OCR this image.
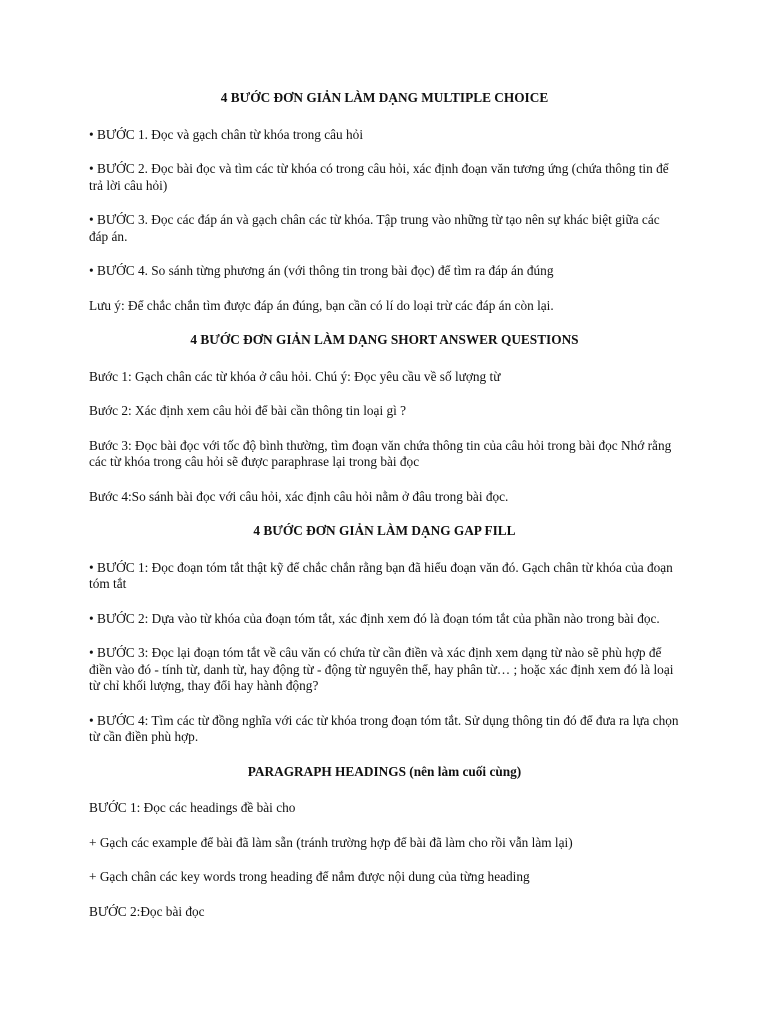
4 BƯỚC ĐƠN GIẢN LÀM DẠNG MULTIPLE CHOICE

• BƯỚC 1. Đọc và gạch chân từ khóa trong câu hỏi

• BƯỚC 2. Đọc bài đọc và tìm các từ khóa có trong câu hỏi, xác định đoạn văn tương ứng (chứa thông tin để trả lời câu hỏi)

• BƯỚC 3. Đọc các đáp án và gạch chân các từ khóa. Tập trung vào những từ tạo nên sự khác biệt giữa các đáp án.

• BƯỚC 4. So sánh từng phương án (với thông tin trong bài đọc) để tìm ra đáp án đúng

Lưu ý: Để chắc chắn tìm được đáp án đúng, bạn cần có lí do loại trừ các đáp án còn lại.

4 BƯỚC ĐƠN GIẢN LÀM DẠNG SHORT ANSWER QUESTIONS

Bước 1: Gạch chân các từ khóa ở câu hỏi. Chú ý: Đọc yêu cầu về số lượng từ

Bước 2: Xác định xem câu hỏi để bài cần thông tin loại gì ?

Bước 3: Đọc bài đọc với tốc độ bình thường, tìm đoạn văn chứa thông tin của câu hỏi trong bài đọc Nhớ rằng các từ khóa trong câu hỏi sẽ được paraphrase lại trong bài đọc

Bước 4:So sánh bài đọc với câu hỏi, xác định câu hỏi nằm ở đâu trong bài đọc.

4 BƯỚC ĐƠN GIẢN LÀM DẠNG GAP FILL

• BƯỚC 1: Đọc đoạn tóm tắt thật kỹ để chắc chắn rằng bạn đã hiểu đoạn văn đó. Gạch chân từ khóa của đoạn tóm tắt

• BƯỚC 2: Dựa vào từ khóa của đoạn tóm tắt, xác định xem đó là đoạn tóm tắt của phần nào trong bài đọc.

• BƯỚC 3: Đọc lại đoạn tóm tắt về câu văn có chứa từ cần điền và xác định xem dạng từ nào sẽ phù hợp để điền vào đó - tính từ, danh từ, hay động từ - động từ nguyên thể, hay phân từ… ; hoặc xác định xem đó là loại từ chỉ khối lượng, thay đổi hay hành động?

• BƯỚC 4: Tìm các từ đồng nghĩa với các từ khóa trong đoạn tóm tắt. Sử dụng thông tin đó để đưa ra lựa chọn từ cần điền phù hợp.

PARAGRAPH HEADINGS (nên làm cuối cùng)

BƯỚC 1: Đọc các headings đề bài cho

+ Gạch các example để bài đã làm sẵn (tránh trường hợp để bài đã làm cho rồi vẫn làm lại)

+ Gạch chân các key words trong heading để nắm được nội dung của từng heading

BƯỚC 2:Đọc bài đọc
